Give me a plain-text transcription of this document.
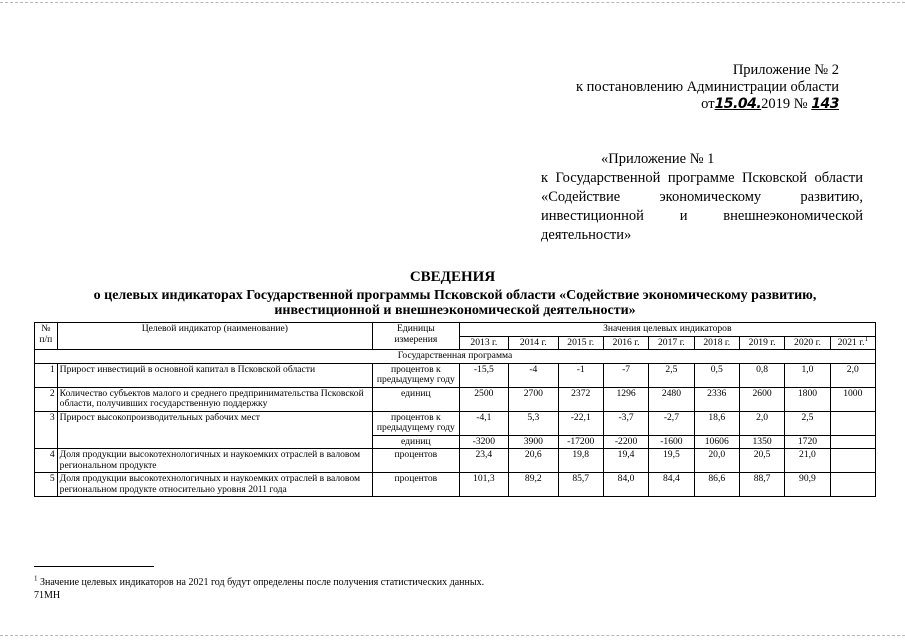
Приложение № 2
к постановлению Администрации области
от15.04.2019 № 143
«Приложение № 1
к Государственной программе Псковской области «Содействие экономическому развитию, инвестиционной и внешнеэкономической деятельности»
СВЕДЕНИЯ
о целевых индикаторах Государственной программы Псковской области «Содействие экономическому развитию, инвестиционной и внешнеэкономической деятельности»
№ п/п	Целевой индикатор (наименование)	Единицы измерения	Значения целевых индикаторов								
			2013 г.	2014 г.	2015 г.	2016 г.	2017 г.	2018 г.	2019 г.	2020 г.	2021 г.$^1$
Государственная программа											
1	Прирост инвестиций в основной капитал в Псковской области	процентов к предыдущему году	-15,5	-4	-1	-7	2,5	0,5	0,8	1,0	2,0
2	Количество субъектов малого и среднего предпринимательства Псковской области, получивших государственную поддержку	единиц	2500	2700	2372	1296	2480	2336	2600	1800	1000
3	Прирост высокопроизводительных рабочих мест	процентов к предыдущему году	-4,1	5,3	-22,1	-3,7	-2,7	18,6	2,0	2,5	
		единиц	-3200	3900	-17200	-2200	-1600	10606	1350	1720	
4	Доля продукции высокотехнологичных и наукоемких отраслей в валовом региональном продукте	процентов	23,4	20,6	19,8	19,4	19,5	20,0	20,5	21,0	
5	Доля продукции высокотехнологичных и наукоемких отраслей в валовом региональном продукте относительно уровня 2011 года	процентов	101,3	89,2	85,7	84,0	84,4	86,6	88,7	90,9	
$^1$ Значение целевых индикаторов на 2021 год будут определены после получения статистических данных.
71МН
